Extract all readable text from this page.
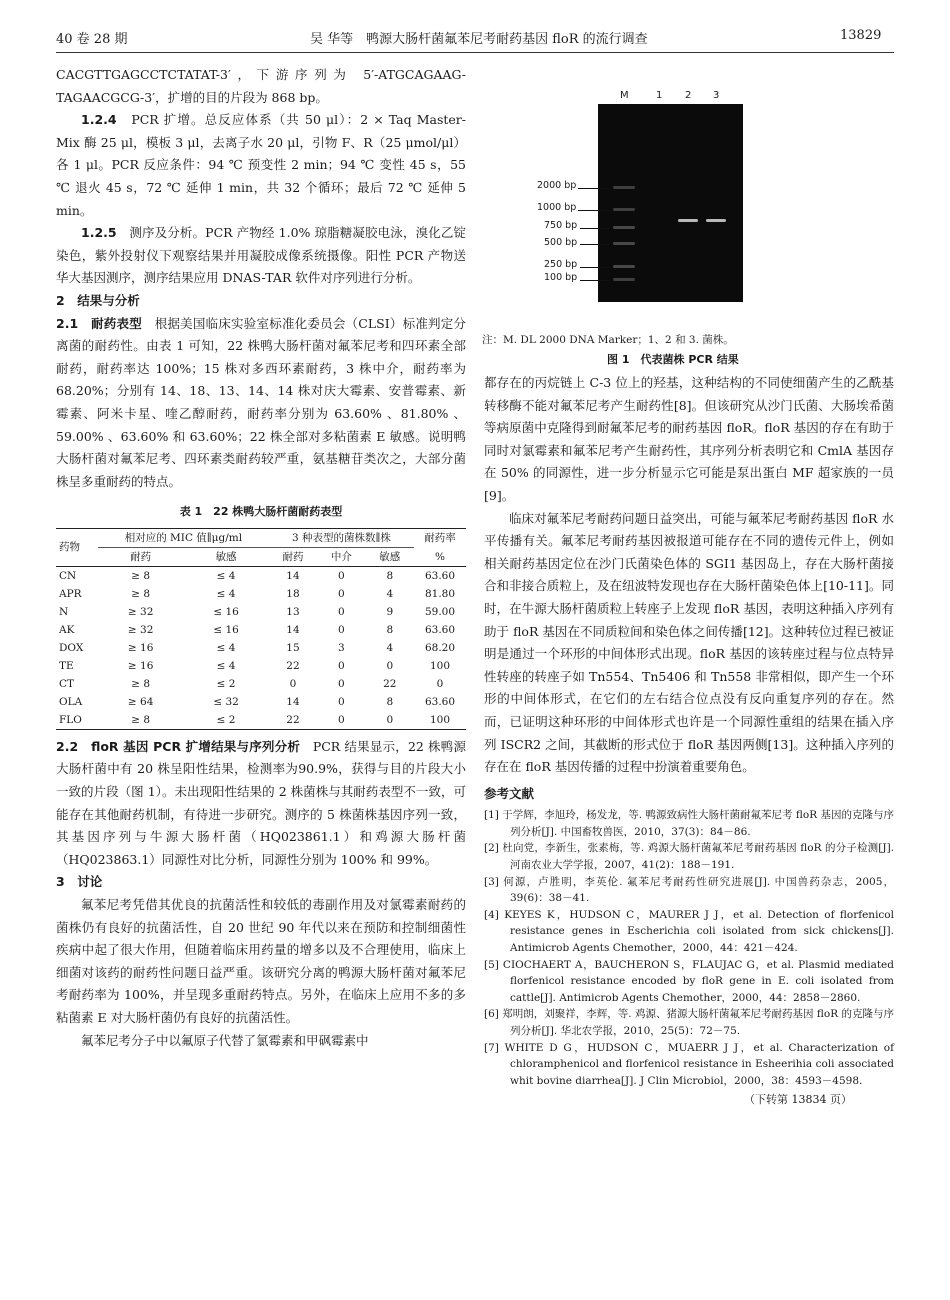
40 卷 28 期	吴 华等　鸭源大肠杆菌氟苯尼考耐药基因 floR 的流行调查	13829

CACGTTGAGCCTCTATAT-3′，下游序列为 5′-ATGCAGAAG-TAGAACGCG-3′，扩增的目的片段为 868 bp。

1.2.4　 PCR 扩增。总反应体系（共 50 μl）：2 × Taq Master-Mix 酶 25 μl，模板 3 μl，去离子水 20 μl，引物 F、R（25 μmol/μl）各 1 μl。PCR 反应条件：94 ℃ 预变性 2 min；94 ℃ 变性 45 s，55 ℃ 退火 45 s，72 ℃ 延伸 1 min，共 32 个循环；最后 72 ℃ 延伸 5 min。

1.2.5　 测序及分析。PCR 产物经 1.0% 琼脂糖凝胶电泳，溴化乙锭染色，紫外投射仪下观察结果并用凝胶成像系统摄像。阳性 PCR 产物送华大基因测序，测序结果应用 DNAS-TAR 软件对序列进行分析。

2　结果与分析

2.1　耐药表型　 根据美国临床实验室标准化委员会（CLSI）标准判定分离菌的耐药性。由表 1 可知，22 株鸭大肠杆菌对氟苯尼考和四环素全部耐药，耐药率达 100%；15 株对多西环素耐药，3 株中介，耐药率为 68.20%；分别有 14、18、13、14、14 株对庆大霉素、安普霉素、新霉素、阿米卡星、喹乙醇耐药，耐药率分别为 63.60% 、81.80% 、59.00% 、63.60% 和 63.60%；22 株全部对多粘菌素 E 敏感。说明鸭大肠杆菌对氟苯尼考、四环素类耐药较严重，氨基糖苷类次之，大部分菌株呈多重耐药的特点。

表 1　22 株鸭大肠杆菌耐药表型
药物	相对应的 MIC 值∥μg/ml		3 种表型的菌株数∥株			耐药率
	耐药	敏感	耐药	中介	敏感	%
CN	≥ 8	≤ 4	14	0	8	63.60
APR	≥ 8	≤ 4	18	0	4	81.80
N	≥ 32	≤ 16	13	0	9	59.00
AK	≥ 32	≤ 16	14	0	8	63.60
DOX	≥ 16	≤ 4	15	3	4	68.20
TE	≥ 16	≤ 4	22	0	0	100
CT	≥ 8	≤ 2	0	0	22	0
OLA	≥ 64	≤ 32	14	0	8	63.60
FLO	≥ 8	≤ 2	22	0	0	100

2.2　floR 基因 PCR 扩增结果与序列分析　 PCR 结果显示，22 株鸭源大肠杆菌中有 20 株呈阳性结果，检测率为90.9%，获得与目的片段大小一致的片段（图 1）。未出现阳性结果的 2 株菌株与其耐药表型不一致，可能存在其他耐药机制，有待进一步研究。测序的 5 株菌株基因序列一致，其基因序列与牛源大肠杆菌（HQ023861.1）和鸡源大肠杆菌（HQ023863.1）同源性对比分析，同源性分别为 100% 和 99%。

3　讨论

氟苯尼考凭借其优良的抗菌活性和较低的毒副作用及对氯霉素耐药的菌株仍有良好的抗菌活性，自 20 世纪 90 年代以来在预防和控制细菌性疾病中起了很大作用，但随着临床用药量的增多以及不合理使用，临床上细菌对该药的耐药性问题日益严重。该研究分离的鸭源大肠杆菌对氟苯尼考耐药率为 100%，并呈现多重耐药特点。另外，在临床上应用不多的多粘菌素 E 对大肠杆菌仍有良好的抗菌活性。

氟苯尼考分子中以氟原子代替了氯霉素和甲砜霉素中

M	1 2 3
2000 bp
1000 bp
750 bp
500 bp
250 bp
100 bp
注：M. DL 2000 DNA Marker；1、2 和 3. 菌株。
图 1　代表菌株 PCR 结果

都存在的丙烷链上 C-3 位上的羟基，这种结构的不同使细菌产生的乙酰基转移酶不能对氟苯尼考产生耐药性[8]。但该研究从沙门氏菌、大肠埃希菌等病原菌中克隆得到耐氟苯尼考的耐药基因 floR。floR 基因的存在有助于同时对氯霉素和氟苯尼考产生耐药性，其序列分析表明它和 CmlA 基因存在 50% 的同源性，进一步分析显示它可能是泵出蛋白 MF 超家族的一员[9]。

临床对氟苯尼考耐药问题日益突出，可能与氟苯尼考耐药基因 floR 水平传播有关。氟苯尼考耐药基因被报道可能存在不同的遗传元件上，例如相关耐药基因定位在沙门氏菌染色体的 SGI1 基因岛上，存在大肠杆菌接合和非接合质粒上，及在纽波特发现也存在大肠杆菌染色体上[10-11]。同时，在牛源大肠杆菌质粒上转座子上发现 floR 基因，表明这种插入序列有助于 floR 基因在不同质粒间和染色体之间传播[12]。这种转位过程已被证明是通过一个环形的中间体形式出现。floR 基因的该转座过程与位点特异性转座的转座子如 Tn554、Tn5406 和 Tn558 非常相似，即产生一个环形的中间体形式，在它们的左右结合位点没有反向重复序列的存在。然而，已证明这种环形的中间体形式也许是一个同源性重组的结果在插入序列 ISCR2 之间，其截断的形式位于 floR 基因两侧[13]。这种插入序列的存在在 floR 基因传播的过程中扮演着重要角色。

参考文献

[1] 于学辉，李旭玲，杨发龙，等. 鸭源致病性大肠杆菌耐氟苯尼考 floR 基因的克隆与序列分析[J]. 中国畜牧兽医，2010，37(3)：84－86.

[2] 杜向党，李新生，张素梅，等. 鸡源大肠杆菌氟苯尼考耐药基因 floR 的分子检测[J]. 河南农业大学学报，2007，41(2)：188－191.

[3] 何源，卢胜明，李英伦. 氟苯尼考耐药性研究进展[J]. 中国兽药杂志，2005，39(6)：38－41.

[4] KEYES K，HUDSON C，MAURER J J，et al. Detection of florfenicol resistance genes in Escherichia coli isolated from sick chickens[J]. Antimicrob Agents Chemother，2000，44：421－424.

[5] CIOCHAERT A，BAUCHERON S，FLAUJAC G，et al. Plasmid mediated florfenicol resistance encoded by floR gene in E. coli isolated from cattle[J]. Antimicrob Agents Chemother，2000，44：2858－2860.

[6] 郑明朗，刘聚祥，李辉，等. 鸡源、猪源大肠杆菌氟苯尼考耐药基因 floR 的克隆与序列分析[J]. 华北农学报，2010，25(5)：72－75.

[7] WHITE D G，HUDSON C，MUAERR J J，et al. Characterization of chloramphenicol and florfenicol resistance in Esheerihia coli associated whit bovine diarrhea[J]. J Clin Microbiol，2000，38：4593－4598.

（下转第 13834 页）
